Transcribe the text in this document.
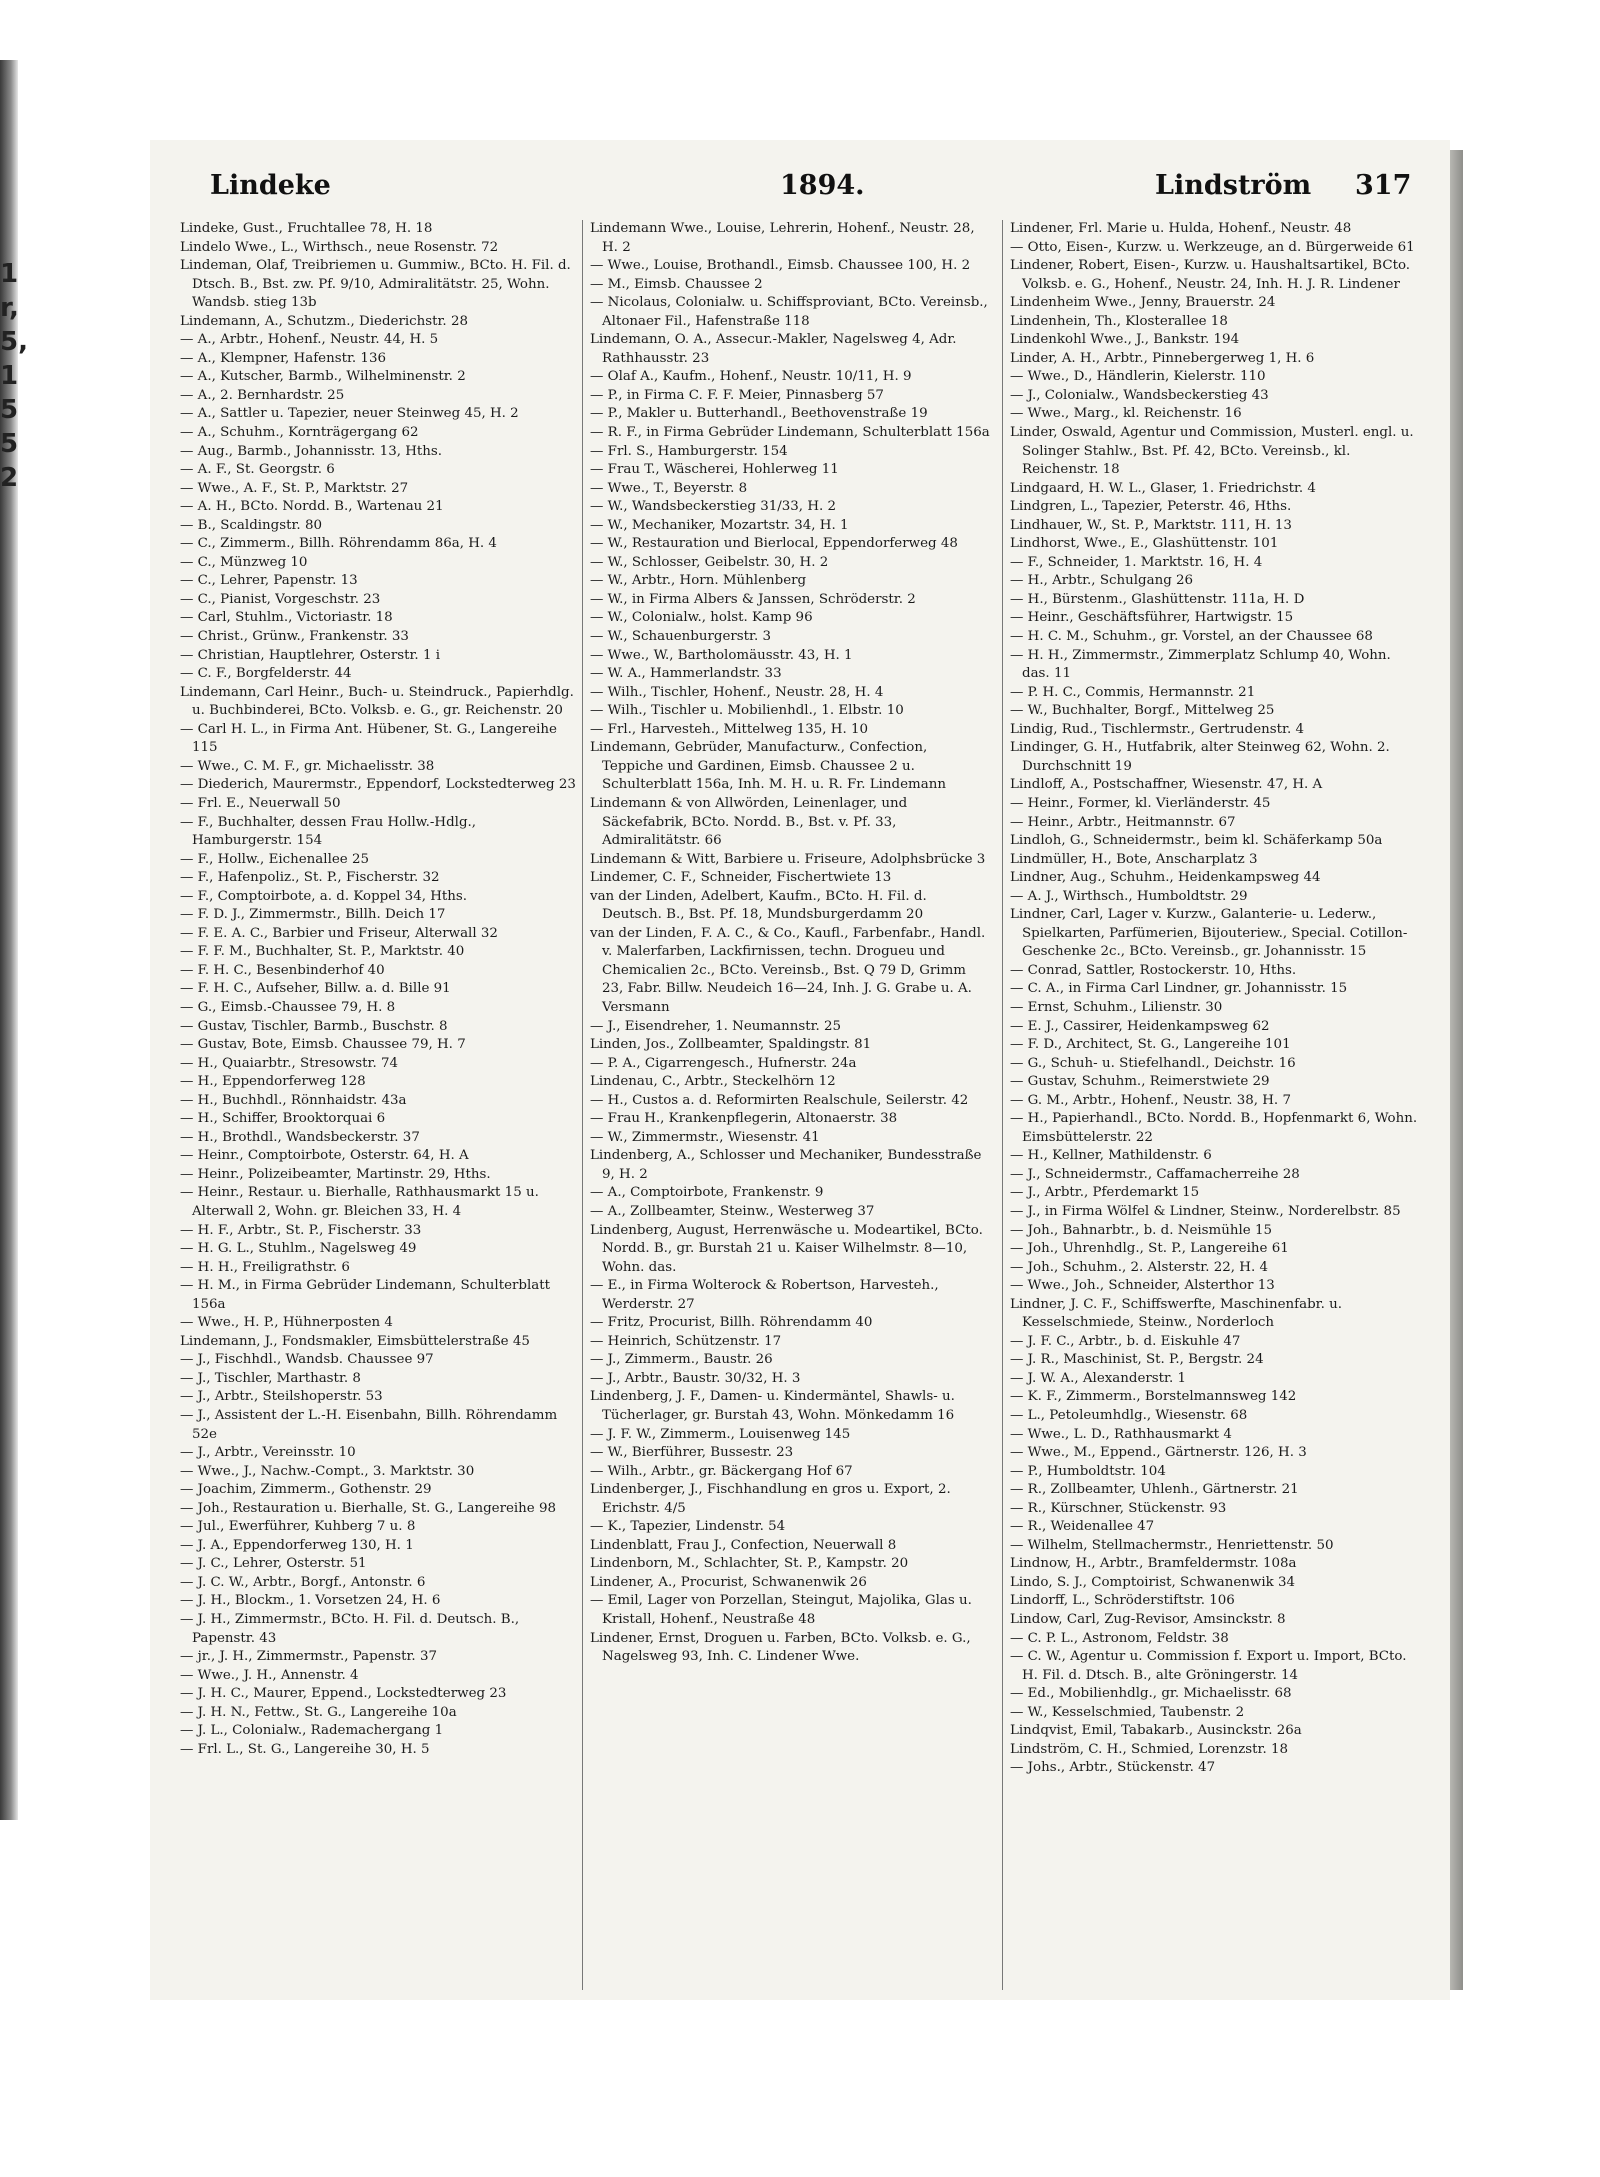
1
r,
5,
1
5
5
2
Lindeke	1894.	Lindström 317
Lindeke, Gust., Fruchtallee 78, H. 18
Lindelo Wwe., L., Wirthsch., neue Rosenstr. 72
Lindeman, Olaf, Treibriemen u. Gummiw., BCto. H. Fil. d. Dtsch. B., Bst. zw. Pf. 9/10, Admiralitätstr. 25, Wohn. Wandsb. stieg 13b
Lindemann, A., Schutzm., Diederichstr. 28
— A., Arbtr., Hohenf., Neustr. 44, H. 5
— A., Klempner, Hafenstr. 136
— A., Kutscher, Barmb., Wilhelminenstr. 2
— A., 2. Bernhardstr. 25
— A., Sattler u. Tapezier, neuer Steinweg 45, H. 2
— A., Schuhm., Kornträgergang 62
— Aug., Barmb., Johannisstr. 13, Hths.
— A. F., St. Georgstr. 6
— Wwe., A. F., St. P., Marktstr. 27
— A. H., BCto. Nordd. B., Wartenau 21
— B., Scaldingstr. 80
— C., Zimmerm., Billh. Röhrendamm 86a, H. 4
— C., Münzweg 10
— C., Lehrer, Papenstr. 13
— C., Pianist, Vorgeschstr. 23
— Carl, Stuhlm., Victoriastr. 18
— Christ., Grünw., Frankenstr. 33
— Christian, Hauptlehrer, Osterstr. 1 i
— C. F., Borgfelderstr. 44
Lindemann, Carl Heinr., Buch- u. Steindruck., Papierhdlg. u. Buchbinderei, BCto. Volksb. e. G., gr. Reichenstr. 20
— Carl H. L., in Firma Ant. Hübener, St. G., Langereihe 115
— Wwe., C. M. F., gr. Michaelisstr. 38
— Diederich, Maurermstr., Eppendorf, Lockstedterweg 23
— Frl. E., Neuerwall 50
— F., Buchhalter, dessen Frau Hollw.-Hdlg., Hamburgerstr. 154
— F., Hollw., Eichenallee 25
— F., Hafenpoliz., St. P., Fischerstr. 32
— F., Comptoirbote, a. d. Koppel 34, Hths.
— F. D. J., Zimmermstr., Billh. Deich 17
— F. E. A. C., Barbier und Friseur, Alterwall 32
— F. F. M., Buchhalter, St. P., Marktstr. 40
— F. H. C., Besenbinderhof 40
— F. H. C., Aufseher, Billw. a. d. Bille 91
— G., Eimsb.-Chaussee 79, H. 8
— Gustav, Tischler, Barmb., Buschstr. 8
— Gustav, Bote, Eimsb. Chaussee 79, H. 7
— H., Quaiarbtr., Stresowstr. 74
— H., Eppendorferweg 128
— H., Buchhdl., Rönnhaidstr. 43a
— H., Schiffer, Brooktorquai 6
— H., Brothdl., Wandsbeckerstr. 37
— Heinr., Comptoirbote, Osterstr. 64, H. A
— Heinr., Polizeibeamter, Martinstr. 29, Hths.
— Heinr., Restaur. u. Bierhalle, Rathhausmarkt 15 u. Alterwall 2, Wohn. gr. Bleichen 33, H. 4
— H. F., Arbtr., St. P., Fischerstr. 33
— H. G. L., Stuhlm., Nagelsweg 49
— H. H., Freiligrathstr. 6
— H. M., in Firma Gebrüder Lindemann, Schulterblatt 156a
— Wwe., H. P., Hühnerposten 4
Lindemann, J., Fondsmakler, Eimsbüttelerstraße 45
— J., Fischhdl., Wandsb. Chaussee 97
— J., Tischler, Marthastr. 8
— J., Arbtr., Steilshoperstr. 53
— J., Assistent der L.-H. Eisenbahn, Billh. Röhrendamm 52e
— J., Arbtr., Vereinsstr. 10
— Wwe., J., Nachw.-Compt., 3. Marktstr. 30
— Joachim, Zimmerm., Gothenstr. 29
— Joh., Restauration u. Bierhalle, St. G., Langereihe 98
— Jul., Ewerführer, Kuhberg 7 u. 8
— J. A., Eppendorferweg 130, H. 1
— J. C., Lehrer, Osterstr. 51
— J. C. W., Arbtr., Borgf., Antonstr. 6
— J. H., Blockm., 1. Vorsetzen 24, H. 6
— J. H., Zimmermstr., BCto. H. Fil. d. Deutsch. B., Papenstr. 43
— jr., J. H., Zimmermstr., Papenstr. 37
— Wwe., J. H., Annenstr. 4
— J. H. C., Maurer, Eppend., Lockstedterweg 23
— J. H. N., Fettw., St. G., Langereihe 10a
— J. L., Colonialw., Rademachergang 1
— Frl. L., St. G., Langereihe 30, H. 5
Lindemann Wwe., Louise, Lehrerin, Hohenf., Neustr. 28, H. 2
— Wwe., Louise, Brothandl., Eimsb. Chaussee 100, H. 2
— M., Eimsb. Chaussee 2
— Nicolaus, Colonialw. u. Schiffsproviant, BCto. Vereinsb., Altonaer Fil., Hafenstraße 118
Lindemann, O. A., Assecur.-Makler, Nagelsweg 4, Adr. Rathhausstr. 23
— Olaf A., Kaufm., Hohenf., Neustr. 10/11, H. 9
— P., in Firma C. F. F. Meier, Pinnasberg 57
— P., Makler u. Butterhandl., Beethovenstraße 19
— R. F., in Firma Gebrüder Lindemann, Schulterblatt 156a
— Frl. S., Hamburgerstr. 154
— Frau T., Wäscherei, Hohlerweg 11
— Wwe., T., Beyerstr. 8
— W., Wandsbeckerstieg 31/33, H. 2
— W., Mechaniker, Mozartstr. 34, H. 1
— W., Restauration und Bierlocal, Eppendorferweg 48
— W., Schlosser, Geibelstr. 30, H. 2
— W., Arbtr., Horn. Mühlenberg
— W., in Firma Albers & Janssen, Schröderstr. 2
— W., Colonialw., holst. Kamp 96
— W., Schauenburgerstr. 3
— Wwe., W., Bartholomäusstr. 43, H. 1
— W. A., Hammerlandstr. 33
— Wilh., Tischler, Hohenf., Neustr. 28, H. 4
— Wilh., Tischler u. Mobilienhdl., 1. Elbstr. 10
— Frl., Harvesteh., Mittelweg 135, H. 10
Lindemann, Gebrüder, Manufacturw., Confection, Teppiche und Gardinen, Eimsb. Chaussee 2 u. Schulterblatt 156a, Inh. M. H. u. R. Fr. Lindemann
Lindemann & von Allwörden, Leinenlager, und Säckefabrik, BCto. Nordd. B., Bst. v. Pf. 33, Admiralitätstr. 66
Lindemann & Witt, Barbiere u. Friseure, Adolphsbrücke 3
Lindemer, C. F., Schneider, Fischertwiete 13
van der Linden, Adelbert, Kaufm., BCto. H. Fil. d. Deutsch. B., Bst. Pf. 18, Mundsburgerdamm 20
van der Linden, F. A. C., & Co., Kaufl., Farbenfabr., Handl. v. Malerfarben, Lackfirnissen, techn. Drogueu und Chemicalien 2c., BCto. Vereinsb., Bst. Q 79 D, Grimm 23, Fabr. Billw. Neudeich 16—24, Inh. J. G. Grabe u. A. Versmann
— J., Eisendreher, 1. Neumannstr. 25
Linden, Jos., Zollbeamter, Spaldingstr. 81
— P. A., Cigarrengesch., Hufnerstr. 24a
Lindenau, C., Arbtr., Steckelhörn 12
— H., Custos a. d. Reformirten Realschule, Seilerstr. 42
— Frau H., Krankenpflegerin, Altonaerstr. 38
— W., Zimmermstr., Wiesenstr. 41
Lindenberg, A., Schlosser und Mechaniker, Bundesstraße 9, H. 2
— A., Comptoirbote, Frankenstr. 9
— A., Zollbeamter, Steinw., Westerweg 37
Lindenberg, August, Herrenwäsche u. Modeartikel, BCto. Nordd. B., gr. Burstah 21 u. Kaiser Wilhelmstr. 8—10, Wohn. das.
— E., in Firma Wolterock & Robertson, Harvesteh., Werderstr. 27
— Fritz, Procurist, Billh. Röhrendamm 40
— Heinrich, Schützenstr. 17
— J., Zimmerm., Baustr. 26
— J., Arbtr., Baustr. 30/32, H. 3
Lindenberg, J. F., Damen- u. Kindermäntel, Shawls- u. Tücherlager, gr. Burstah 43, Wohn. Mönkedamm 16
— J. F. W., Zimmerm., Louisenweg 145
— W., Bierführer, Bussestr. 23
— Wilh., Arbtr., gr. Bäckergang Hof 67
Lindenberger, J., Fischhandlung en gros u. Export, 2. Erichstr. 4/5
— K., Tapezier, Lindenstr. 54
Lindenblatt, Frau J., Confection, Neuerwall 8
Lindenborn, M., Schlachter, St. P., Kampstr. 20
Lindener, A., Procurist, Schwanenwik 26
— Emil, Lager von Porzellan, Steingut, Majolika, Glas u. Kristall, Hohenf., Neustraße 48
Lindener, Ernst, Droguen u. Farben, BCto. Volksb. e. G., Nagelsweg 93, Inh. C. Lindener Wwe.
Lindener, Frl. Marie u. Hulda, Hohenf., Neustr. 48
— Otto, Eisen-, Kurzw. u. Werkzeuge, an d. Bürgerweide 61
Lindener, Robert, Eisen-, Kurzw. u. Haushaltsartikel, BCto. Volksb. e. G., Hohenf., Neustr. 24, Inh. H. J. R. Lindener
Lindenheim Wwe., Jenny, Brauerstr. 24
Lindenhein, Th., Klosterallee 18
Lindenkohl Wwe., J., Bankstr. 194
Linder, A. H., Arbtr., Pinnebergerweg 1, H. 6
— Wwe., D., Händlerin, Kielerstr. 110
— J., Colonialw., Wandsbeckerstieg 43
— Wwe., Marg., kl. Reichenstr. 16
Linder, Oswald, Agentur und Commission, Musterl. engl. u. Solinger Stahlw., Bst. Pf. 42, BCto. Vereinsb., kl. Reichenstr. 18
Lindgaard, H. W. L., Glaser, 1. Friedrichstr. 4
Lindgren, L., Tapezier, Peterstr. 46, Hths.
Lindhauer, W., St. P., Marktstr. 111, H. 13
Lindhorst, Wwe., E., Glashüttenstr. 101
— F., Schneider, 1. Marktstr. 16, H. 4
— H., Arbtr., Schulgang 26
— H., Bürstenm., Glashüttenstr. 111a, H. D
— Heinr., Geschäftsführer, Hartwigstr. 15
— H. C. M., Schuhm., gr. Vorstel, an der Chaussee 68
— H. H., Zimmermstr., Zimmerplatz Schlump 40, Wohn. das. 11
— P. H. C., Commis, Hermannstr. 21
— W., Buchhalter, Borgf., Mittelweg 25
Lindig, Rud., Tischlermstr., Gertrudenstr. 4
Lindinger, G. H., Hutfabrik, alter Steinweg 62, Wohn. 2. Durchschnitt 19
Lindloff, A., Postschaffner, Wiesenstr. 47, H. A
— Heinr., Former, kl. Vierländerstr. 45
— Heinr., Arbtr., Heitmannstr. 67
Lindloh, G., Schneidermstr., beim kl. Schäferkamp 50a
Lindmüller, H., Bote, Anscharplatz 3
Lindner, Aug., Schuhm., Heidenkampsweg 44
— A. J., Wirthsch., Humboldtstr. 29
Lindner, Carl, Lager v. Kurzw., Galanterie- u. Lederw., Spielkarten, Parfümerien, Bijouteriew., Special. Cotillon-Geschenke 2c., BCto. Vereinsb., gr. Johannisstr. 15
— Conrad, Sattler, Rostockerstr. 10, Hths.
— C. A., in Firma Carl Lindner, gr. Johannisstr. 15
— Ernst, Schuhm., Lilienstr. 30
— E. J., Cassirer, Heidenkampsweg 62
— F. D., Architect, St. G., Langereihe 101
— G., Schuh- u. Stiefelhandl., Deichstr. 16
— Gustav, Schuhm., Reimerstwiete 29
— G. M., Arbtr., Hohenf., Neustr. 38, H. 7
— H., Papierhandl., BCto. Nordd. B., Hopfenmarkt 6, Wohn. Eimsbüttelerstr. 22
— H., Kellner, Mathildenstr. 6
— J., Schneidermstr., Caffamacherreihe 28
— J., Arbtr., Pferdemarkt 15
— J., in Firma Wölfel & Lindner, Steinw., Norderelbstr. 85
— Joh., Bahnarbtr., b. d. Neismühle 15
— Joh., Uhrenhdlg., St. P., Langereihe 61
— Joh., Schuhm., 2. Alsterstr. 22, H. 4
— Wwe., Joh., Schneider, Alsterthor 13
Lindner, J. C. F., Schiffswerfte, Maschinenfabr. u. Kesselschmiede, Steinw., Norderloch
— J. F. C., Arbtr., b. d. Eiskuhle 47
— J. R., Maschinist, St. P., Bergstr. 24
— J. W. A., Alexanderstr. 1
— K. F., Zimmerm., Borstelmannsweg 142
— L., Petoleumhdlg., Wiesenstr. 68
— Wwe., L. D., Rathhausmarkt 4
— Wwe., M., Eppend., Gärtnerstr. 126, H. 3
— P., Humboldtstr. 104
— R., Zollbeamter, Uhlenh., Gärtnerstr. 21
— R., Kürschner, Stückenstr. 93
— R., Weidenallee 47
— Wilhelm, Stellmachermstr., Henriettenstr. 50
Lindnow, H., Arbtr., Bramfeldermstr. 108a
Lindo, S. J., Comptoirist, Schwanenwik 34
Lindorff, L., Schröderstiftstr. 106
Lindow, Carl, Zug-Revisor, Amsinckstr. 8
— C. P. L., Astronom, Feldstr. 38
— C. W., Agentur u. Commission f. Export u. Import, BCto. H. Fil. d. Dtsch. B., alte Gröningerstr. 14
— Ed., Mobilienhdlg., gr. Michaelisstr. 68
— W., Kesselschmied, Taubenstr. 2
Lindqvist, Emil, Tabakarb., Ausinckstr. 26a
Lindström, C. H., Schmied, Lorenzstr. 18
— Johs., Arbtr., Stückenstr. 47
